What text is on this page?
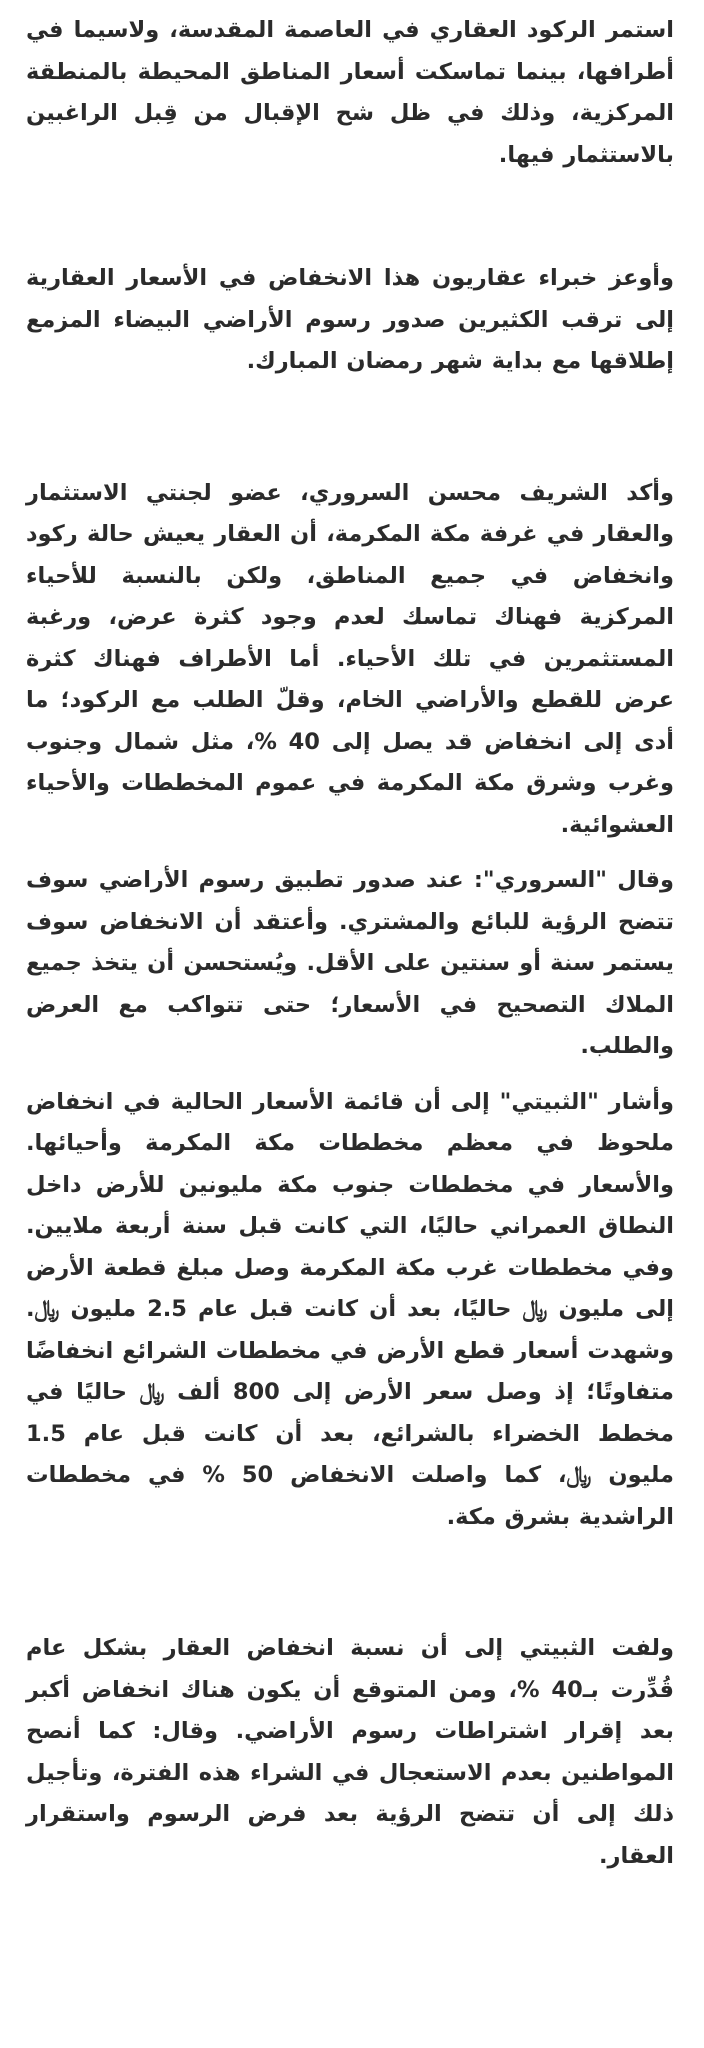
استمر الركود العقاري في العاصمة المقدسة، ولاسيما في أطرافها، بينما تماسكت أسعار المناطق المحيطة بالمنطقة المركزية، وذلك في ظل شح الإقبال من قِبل الراغبين بالاستثمار فيها.

وأوعز خبراء عقاريون هذا الانخفاض في الأسعار العقارية إلى ترقب الكثيرين صدور رسوم الأراضي البيضاء المزمع إطلاقها مع بداية شهر رمضان المبارك.

وأكد الشريف محسن السروري، عضو لجنتي الاستثمار والعقار في غرفة مكة المكرمة، أن العقار يعيش حالة ركود وانخفاض في جميع المناطق، ولكن بالنسبة للأحياء المركزية فهناك تماسك لعدم وجود كثرة عرض، ورغبة المستثمرين في تلك الأحياء. أما الأطراف فهناك كثرة عرض للقطع والأراضي الخام، وقلّ الطلب مع الركود؛ ما أدى إلى انخفاض قد يصل إلى 40 %، مثل شمال وجنوب وغرب وشرق مكة المكرمة في عموم المخططات والأحياء العشوائية.

وقال "السروري": عند صدور تطبيق رسوم الأراضي سوف تتضح الرؤية للبائع والمشتري. وأعتقد أن الانخفاض سوف يستمر سنة أو سنتين على الأقل. ويُستحسن أن يتخذ جميع الملاك التصحيح في الأسعار؛ حتى تتواكب مع العرض والطلب.

وأشار "الثبيتي" إلى أن قائمة الأسعار الحالية في انخفاض ملحوظ في معظم مخططات مكة المكرمة وأحيائها. والأسعار في مخططات جنوب مكة مليونين للأرض داخل النطاق العمراني حاليًا، التي كانت قبل سنة أربعة ملايين. وفي مخططات غرب مكة المكرمة وصل مبلغ قطعة الأرض إلى مليون ﷼ حاليًا، بعد أن كانت قبل عام 2.5 مليون ﷼. وشهدت أسعار قطع الأرض في مخططات الشرائع انخفاضًا متفاوتًا؛ إذ وصل سعر الأرض إلى 800 ألف ﷼ حاليًا في مخطط الخضراء بالشرائع، بعد أن كانت قبل عام 1.5 مليون ﷼، كما واصلت الانخفاض 50 % في مخططات الراشدية بشرق مكة.

ولفت الثبيتي إلى أن نسبة انخفاض العقار بشكل عام قُدِّرت بـ40 %، ومن المتوقع أن يكون هناك انخفاض أكبر بعد إقرار اشتراطات رسوم الأراضي. وقال: كما أنصح المواطنين بعدم الاستعجال في الشراء هذه الفترة، وتأجيل ذلك إلى أن تتضح الرؤية بعد فرض الرسوم واستقرار العقار.
